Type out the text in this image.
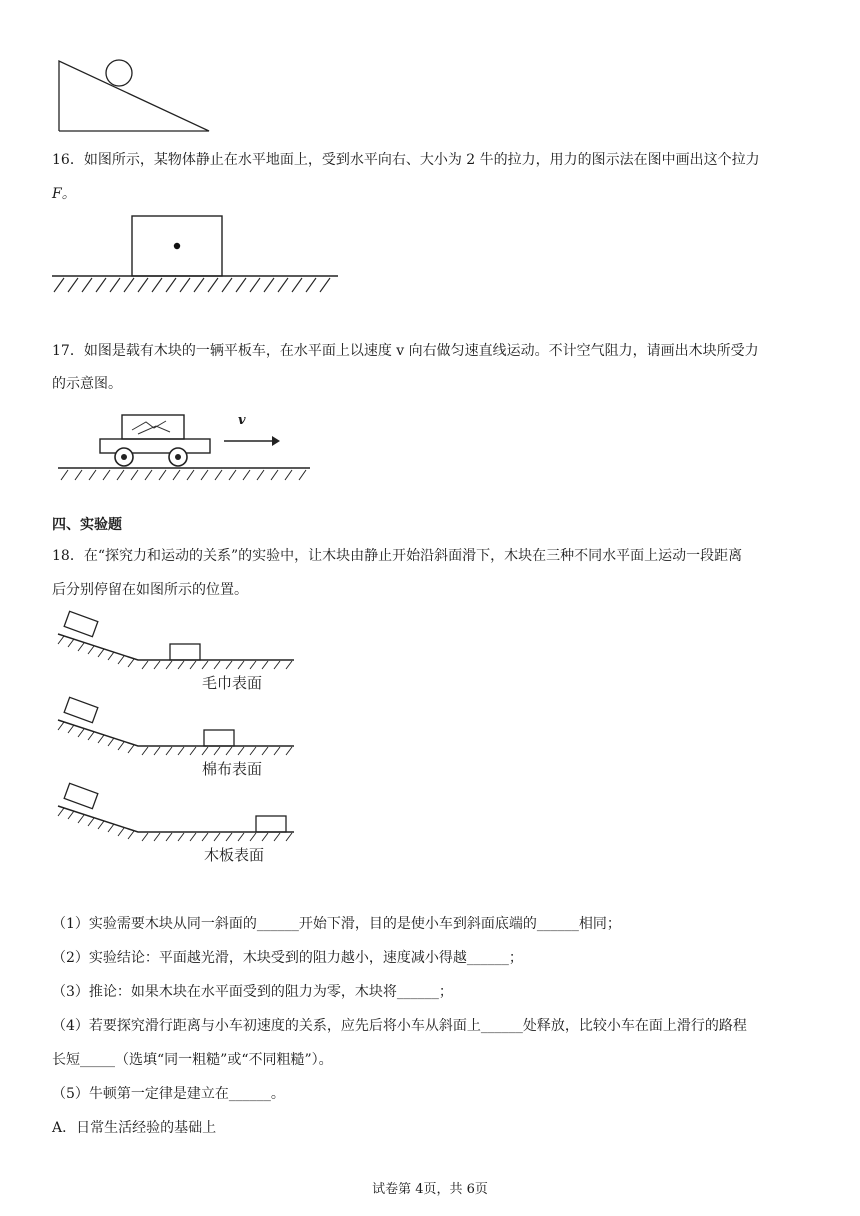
16．如图所示，某物体静止在水平地面上，受到水平向右、大小为 2 牛的拉力，用力的图示法在图中画出这个拉力
F。
17．如图是载有木块的一辆平板车，在水平面上以速度 v 向右做匀速直线运动。不计空气阻力，请画出木块所受力
的示意图。
v
四、实验题
18．在“探究力和运动的关系”的实验中，让木块由静止开始沿斜面滑下，木块在三种不同水平面上运动一段距离
后分别停留在如图所示的位置。
毛巾表面
棉布表面
木板表面
（1）实验需要木块从同一斜面的______开始下滑，目的是使小车到斜面底端的______相同；
（2）实验结论：平面越光滑，木块受到的阻力越小，速度减小得越______；
（3）推论：如果木块在水平面受到的阻力为零，木块将______；
（4）若要探究滑行距离与小车初速度的关系，应先后将小车从斜面上______处释放，比较小车在面上滑行的路程
长短_____（选填“同一粗糙”或“不同粗糙”）。
（5）牛顿第一定律是建立在______。
A．日常生活经验的基础上
试卷第 4页，共 6页
